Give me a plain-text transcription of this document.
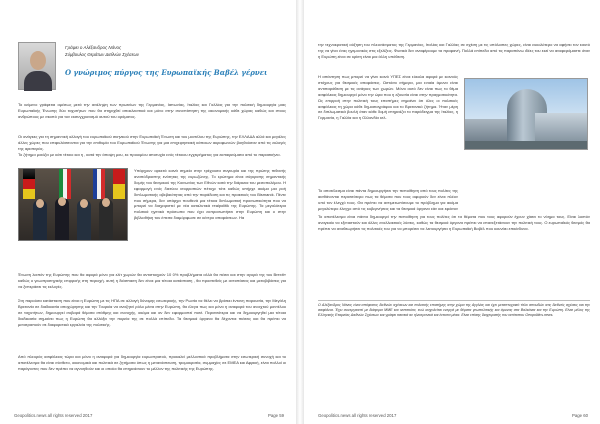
Γράφει ο Αλέξανδρος Νάνος
Σύμβουλος Θεμάτων Διεθνών Σχέσεων
Ο γνώριμος πύργος της Ευρωπαϊκής Βαβέλ γέρνει
Το κείμενο γράφεται αμέσως μετά την ανάληψη των πρωτείων της Γερμανίας, Ιαπωνίας, Ιταλίας και Γαλλίας για την πολιτική δημιουργία μιας Ευρωπαϊκής Ένωσης δύο ταχυτήτων που θα στηριχθεί αποκλειστικά και μόνο στην συνεπίστηση της οικονομικής κάθε χώρας καθώς και στους ανθρώπους με σκοπό για τον εκσυγχρονισμό αυτού του οράματος.
Οι ανάγκες για τη σημαντική αλλαγή του ευρωπαϊκού σκηνικού στην Ευρωπαϊκή Ένωση και του μοντέλου της Ευρώπης, την ΕΛΛΑΔΑ αλλά και μεγάλες άλλες χώρες που επιφυλάσσονται για την επιθυμία του Ευρωπαϊκού Ένωσης για μια επιχειρησιακή κάποιων ακροφωνιών βοηθούσαν από τις εκλογές της αριστεράς.
Το ζήτημα μοιάζει με κάτι τέτοιο και η , κατά την άποψη μου, εκ προοιμίου αποτυχία ενός τέτοιου εγχειρήματος για εκπαιρεύματα από το παρασκήνιο.
Υπάρχουν αρκετά κοινά σημεία στην τρέχουσα συγκυρία και της πρώτης πιθανής αναπόδραστης ενότητας της ευρωζώνης. Το ερώτημα είναι σύγκρισης σημαντικής δομής του θεσμικού της Κοινωνίας των Εθνών κατά την διάρκεια του μεσοπολέμου. Η εφαρμογή ενός δικτύου ισορροπιών πέτυχε τότε καθώς υπήρχε ακόμα μια ροή διπλωματικής αβεβαιότητας από την παράδοση και τις πρακτικές του Bismarck. Πέντε που σήμερα, δεν υπάρχει πουθενά μια τέτοια διπλωματική προσωπικότητα που να μπορεί να διαχειριστεί με νέα καταλυτικά realpolitik της Ευρώπης. Τα μεγαλύτερα πολιτικά ηγετικά πρόσωπα που έχει εκπροσωπήσει στην Ευρώπη και ο στην βιβλιοθήκη του έπειτα διαμόρφωσε σε κέντρο αποφάσεων. Ηα
Ένωση λοιπόν της Ευρώπης που θα αφορά μόνο για ελίτ χωρών θα αντιστοιχούν 10 0% προβλήματα αλλά θα πέσει και στην αγορά της του Brexit» καθώς ο γεωστρατηγικής επιρροής στη περιοχή. αυτή η διάσπαση δεν είναι μια τέτοια κατάσταση , θα προστεθείς με αντιστάσεις και μεταβιβάσεις για να ξεπεράσει τις εκλογές.
Στη παρούσα κατάσταση που είναι η Ευρώπη με τις ΗΠΑ σε αλλαγή δύναμης εσωτερικής, την Ρωσία να θέλει να βρίσκει έντονη παρουσία, την Μεγάλη Βρετανία σε διαδικασία αποχώρησης και την Τουρκία να αναζητεί ρόλο μέσα στην Ευρώπη, θα έλεγα πως και μόνο η αναφορά του ανοιχτού μοντέλου σε ταχυτήτων, δημιουργεί σοβαρά θέματα στάθμης και συνοχής, ακόμα και αν δεν εφαρμοστεί ποτέ. Περισσότερα και να δημιουργηθεί μια τέτοια διαδικασία σημαίνει πως η Ευρώπη θα αλλάξει την πορεία της σε πολλά επίπεδα. Τα θεσμικά όργανα θα δέχονται πιέσεις και θα πρέπει να μετατραπούν σε διαφορετικά εργαλεία της πολιτικής.
Από πλευράς ασφάλειας τώρα και μόνο η αναφορά για δημιουργία ευρωστρατού, προκαλεί μελλοντικά προβλήματα στην εσωτερική συνοχή και το αποτέλεσμα θα είναι σύνθετο, οικονομικά και πολιτικά σε ζητήματα όπως η μετανάστευση, τρομοκρατία, συμμαχίες σε ΕΜΕΑ και Αφρική, είναι πολλοί οι παράγοντες που δεν πρέπει να αγνοηθούν και οι οποίοι θα επηρεάσουν το μέλλον της πολιτικής της Ευρώπης.
Geopolitics.news all rights reserved 2017	Page 59
την τεχνοκρατική αύξηση του πλεονάσματος της Γερμανίας, Ιταλίας και Γαλλίας σε σχέση με τις υπόλοιπες χώρες, είναι ευκολότερο να αφήσει τον εαυτό της να γίνει ένας ηγεμονικός στις εξελίξεις. Φυσικά δεν αναφέρουμε τα προφανή. Πολλά επίπεδα από τις παραπάνω ιδέες του εκεί να αναφερόμαστε όταν η Ευρώπη είναι σε κρίση είναι μια άλλη υπόθεση.
Η απάντηση πως μπορεί να γίνει κοινό ΥΠΕΣ είναι εύκολα αφορά με κοινούς στόχους για θεσμικές αποφάσεις. Ωστόσο σήμερα, μια ενιαία άμυνα είναι αντιπαράθεση με τις ανάγκες των χωρών. Μόνο αυτό δεν είναι πως το θέμα ασφάλειας δημιουργεί μόνο την ώρα που η εξουσία είναι στην πραγματικότητα. Ως επιρροή στην πολιτική τους επιστήμες σημαίνει ότι όλες οι πολιτικές ασφάλειας τη χώρα κάθε δημοσιογράφου και το Βρετανικό ζήτημα. Ήταν μέρη σε διπλωματικά βουλή όταν κάθε δομή επηρεάζει το παράδειγμα της Ιταλίας, η Γερμανία, η Γαλλία και η Ολλανδία κτλ.
Το αποτέλεσμα είναι πάντα δημιουργήσει την πεποίθηση από τους πολίτες της αισθάνονται περισσότερο πως τα θέματα που τους αφορούν δεν είναι πλέον υπό τον έλεγχό τους. Θα πρέπει να αντιμετωπίσουμε το πρόβλημα για ακόμα μεγαλύτερο έλεγχο από τις κυβερνήσεις και τα θεσμικά όργανα εάν και εφόσον
Το αποτέλεσμα είναι πάντα δημιουργεί την πεποίθηση για τους πολίτες ότι τα θέματα που τους αφορούν έχουν χάσει το νόημα τους. Είναι λοιπόν αναγκαίο να εξεταστούν και άλλες εναλλακτικές λύσεις, καθώς τα θεσμικά όργανα πρέπει να επανεξετάσουν την πολιτική τους. Ο ευρωπαϊκός θεσμός θα πρέπει να αναθεωρήσει τις πολιτικές του για να μπορέσει να λειτουργήσει η Ευρωπαϊκή Βαβέλ που κουνάει επικίνδυνα.
Ο Αλέξανδρος Νάνος είναι απόφοιτος διεθνών σχέσεων και πολιτικής επιστήμης στην χώρα της Αγγλίας και έχει μεταπτυχιακό τίτλο σπουδών στις διεθνείς σχέσεις και την ασφάλεια. Έχει συνεργαστεί με διάφορα ΜΜΕ και ινστιτούτα, ενώ ασχολείται ενεργά με θέματα γεωπολιτικής και άμυνας στα Βαλκάνια και την Ευρώπη. Είναι μέλος της Ελληνικής Εταιρείας Διεθνών Σχέσεων και γράφει τακτικά σε ηλεκτρονικά και έντυπα μέσα. Είναι επίσης διαχειριστής του ιστότοπου Geopolitics.news.
Geopolitics.news all rights reserved 2017	Page 60
